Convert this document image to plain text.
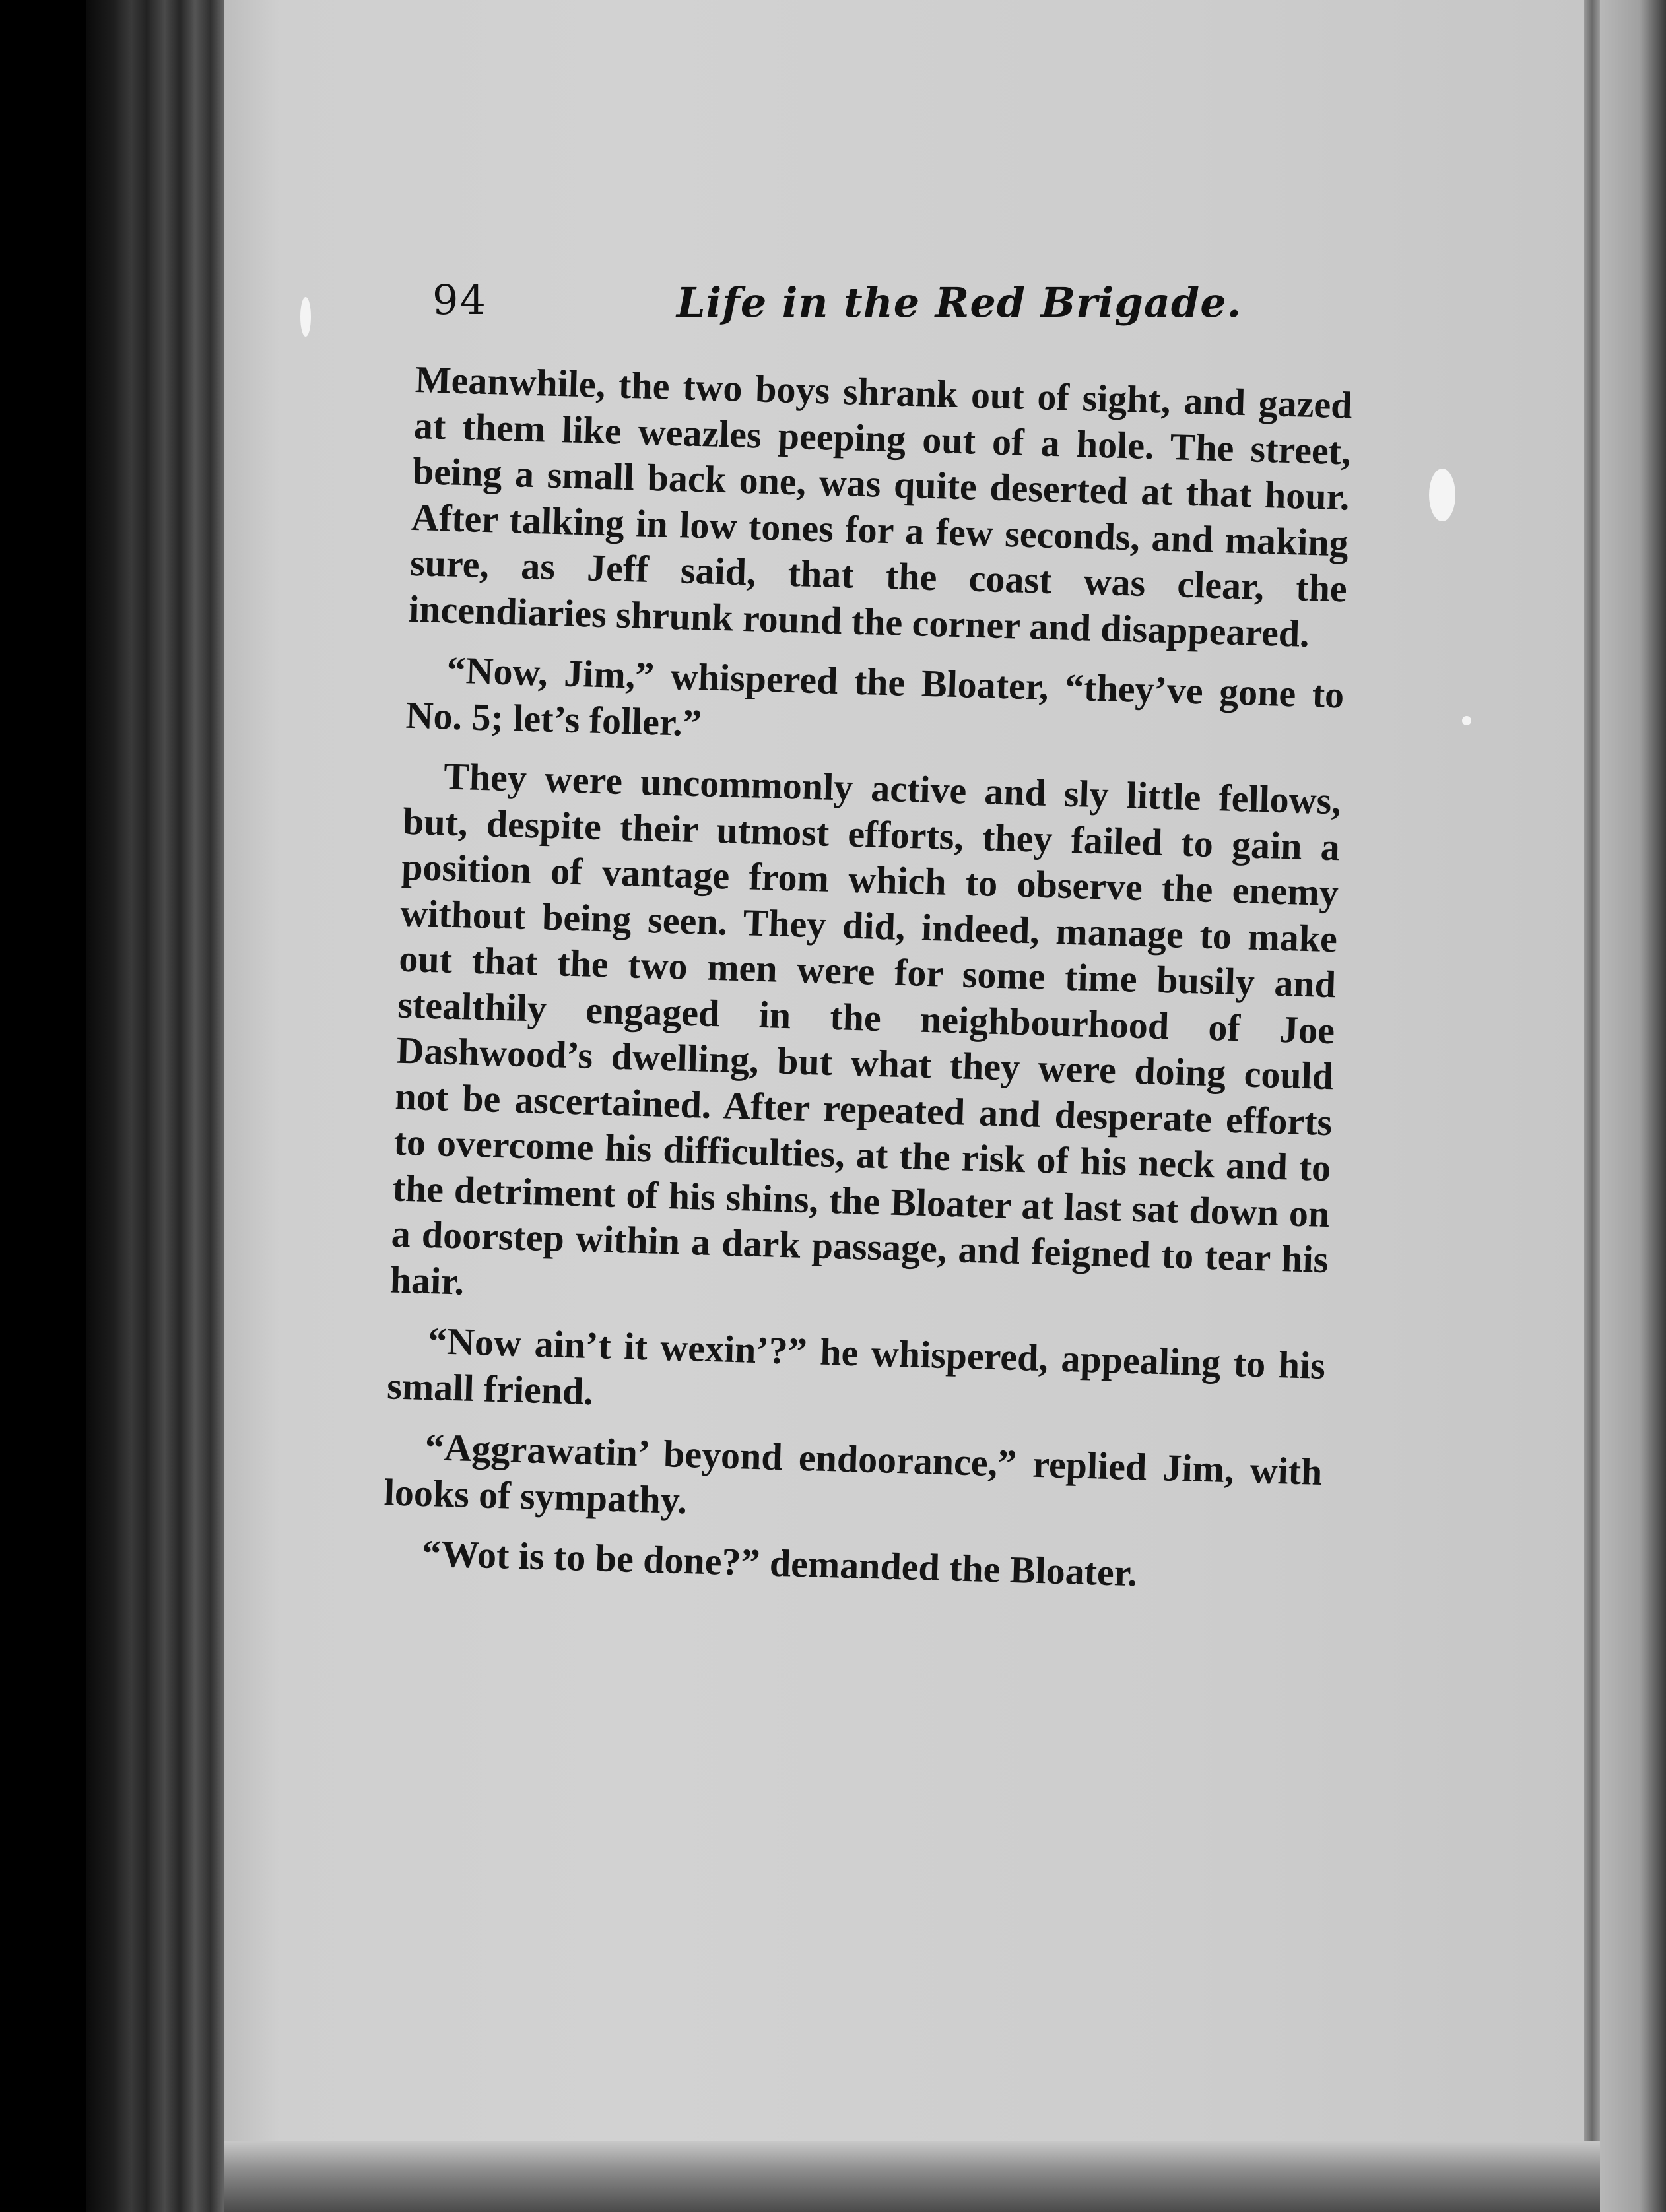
94	Life in the Red Brigade.

Meanwhile, the two boys shrank out of sight, and gazed at them like weazles peeping out of a hole. The street, being a small back one, was quite deserted at that hour. After talking in low tones for a few seconds, and making sure, as Jeff said, that the coast was clear, the incendiaries shrunk round the corner and disappeared.

“Now, Jim,” whispered the Bloater, “they’ve gone to No. 5; let’s foller.”

They were uncommonly active and sly little fellows, but, despite their utmost efforts, they failed to gain a position of vantage from which to observe the enemy without being seen. They did, indeed, manage to make out that the two men were for some time busily and stealthily engaged in the neighbourhood of Joe Dashwood’s dwelling, but what they were doing could not be ascertained. After repeated and desperate efforts to overcome his difficulties, at the risk of his neck and to the detriment of his shins, the Bloater at last sat down on a doorstep within a dark passage, and feigned to tear his hair.

“Now ain’t it wexin’?” he whispered, appealing to his small friend.

“Aggrawatin’ beyond endoorance,” replied Jim, with looks of sympathy.

“Wot is to be done?” demanded the Bloater.
